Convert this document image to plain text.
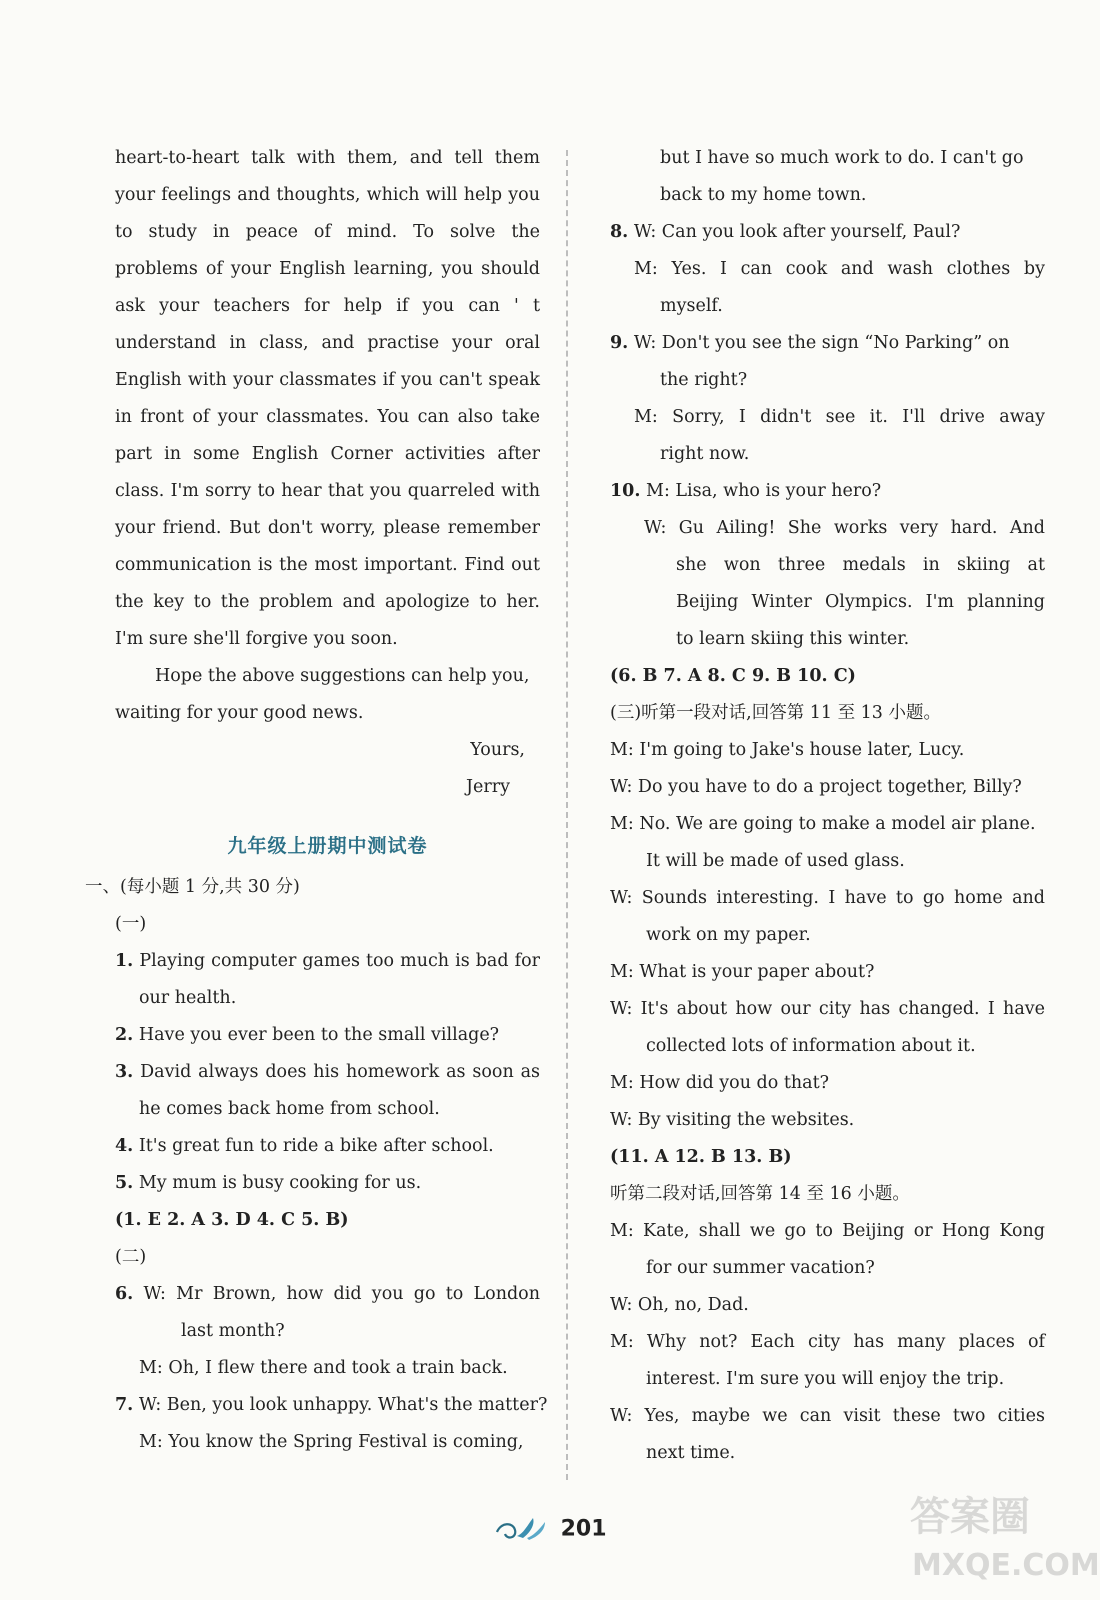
heart-to-heart talk with them, and tell them
your feelings and thoughts, which will help you
to study in peace of mind. To solve the
problems of your English learning, you should
ask your teachers for help if you can ' t
understand in class, and practise your oral
English with your classmates if you can't speak
in front of your classmates. You can also take
part in some English Corner activities after
class. I'm sorry to hear that you quarreled with
your friend. But don't worry, please remember
communication is the most important. Find out
the key to the problem and apologize to her.
I'm sure she'll forgive you soon.
Hope the above suggestions can help you,
waiting for your good news.
Yours,
Jerry
九年级上册期中测试卷
一、(每小题 1 分,共 30 分)
(一)
1. Playing computer games too much is bad for
our health.
2. Have you ever been to the small village?
3. David always does his homework as soon as
he comes back home from school.
4. It's great fun to ride a bike after school.
5. My mum is busy cooking for us.
(1. E 2. A 3. D 4. C 5. B)
(二)
6. W: Mr Brown, how did you go to London
last month?
M: Oh, I flew there and took a train back.
7. W: Ben, you look unhappy. What's the matter?
M: You know the Spring Festival is coming,
but I have so much work to do. I can't go
back to my home town.
8. W: Can you look after yourself, Paul?
M: Yes. I can cook and wash clothes by
myself.
9. W: Don't you see the sign “No Parking” on
the right?
M: Sorry, I didn't see it. I'll drive away
right now.
10. M: Lisa, who is your hero?
W: Gu Ailing! She works very hard. And
she won three medals in skiing at
Beijing Winter Olympics. I'm planning
to learn skiing this winter.
(6. B 7. A 8. C 9. B 10. C)
(三)听第一段对话,回答第 11 至 13 小题。
M: I'm going to Jake's house later, Lucy.
W: Do you have to do a project together, Billy?
M: No. We are going to make a model air plane.
It will be made of used glass.
W: Sounds interesting. I have to go home and
work on my paper.
M: What is your paper about?
W: It's about how our city has changed. I have
collected lots of information about it.
M: How did you do that?
W: By visiting the websites.
(11. A 12. B 13. B)
听第二段对话,回答第 14 至 16 小题。
M: Kate, shall we go to Beijing or Hong Kong
for our summer vacation?
W: Oh, no, Dad.
M: Why not? Each city has many places of
interest. I'm sure you will enjoy the trip.
W: Yes, maybe we can visit these two cities
next time.
201	答案圈
MXQE.COM
